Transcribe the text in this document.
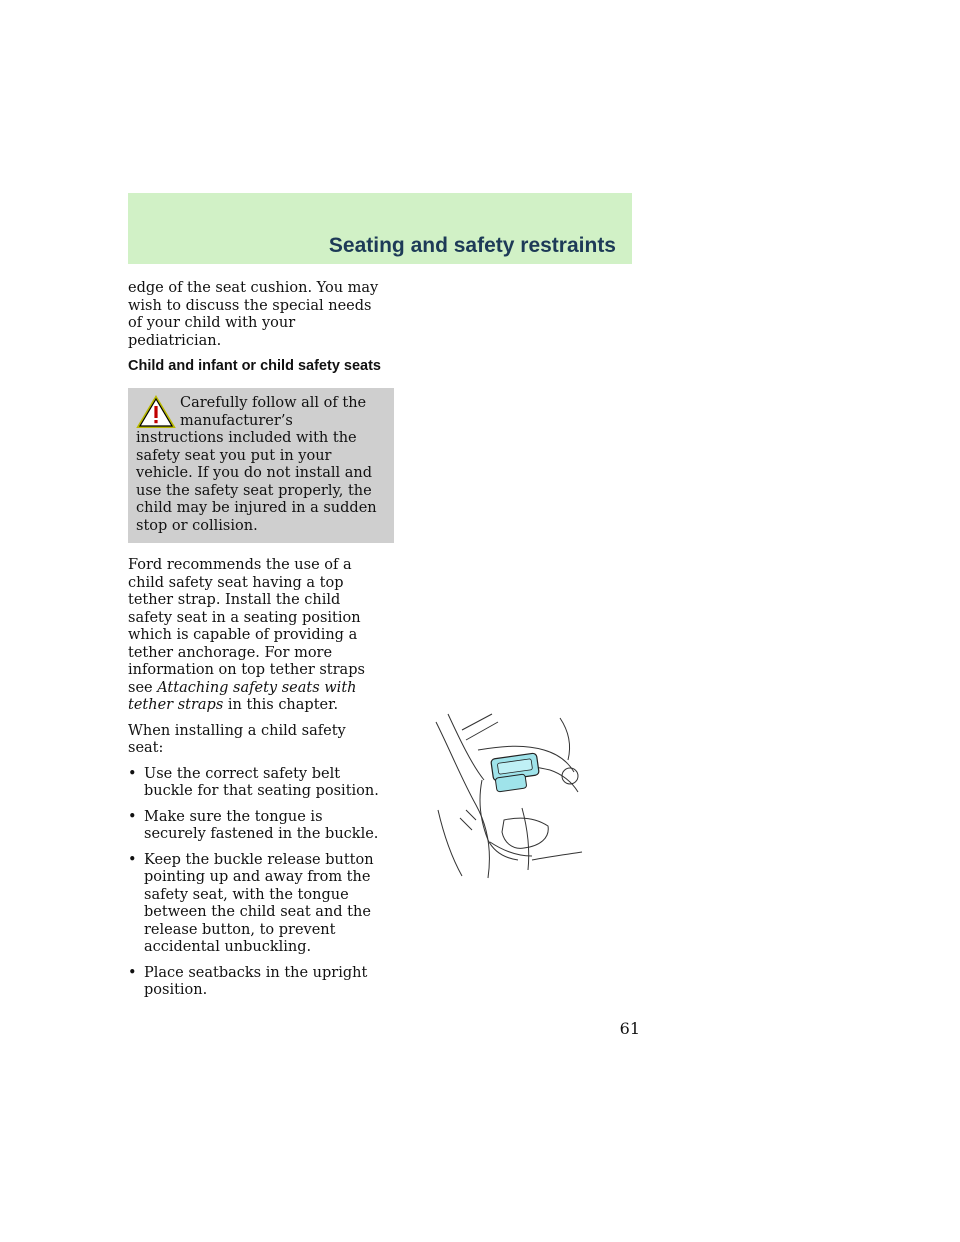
Seating and safety restraints

edge of the seat cushion. You may wish to discuss the special needs of your child with your pediatrician.

Child and infant or child safety seats
Carefully follow all of the manufacturer’s instructions included with the safety seat you put in your vehicle. If you do not install and use the safety seat properly, the child may be injured in a sudden stop or collision.

Ford recommends the use of a child safety seat having a top tether strap. Install the child safety seat in a seating position which is capable of providing a tether anchorage. For more information on top tether straps see Attaching safety seats with tether straps in this chapter.

When installing a child safety seat:

• Use the correct safety belt buckle for that seating position.
• Make sure the tongue is securely fastened in the buckle.
• Keep the buckle release button pointing up and away from the safety seat, with the tongue between the child seat and the release button, to prevent accidental unbuckling.
• Place seatbacks in the upright position.
61
